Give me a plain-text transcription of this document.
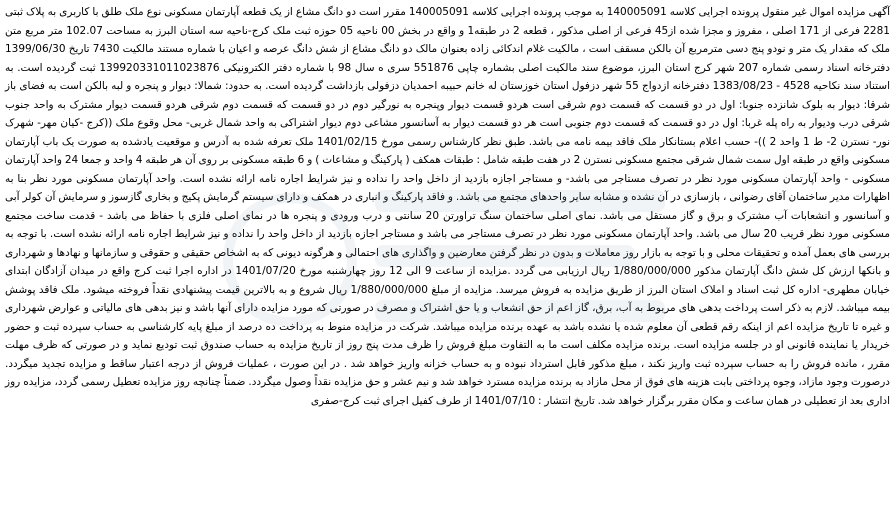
آگهی مزایده اموال غیر منقول پرونده اجرایی کلاسه 140005091 به موجب پرونده اجرایی کلاسه 140005091 مقرر است دو دانگ مشاع از یک قطعه آپارتمان مسکونی نوع ملک طلق با کاربری به پلاک ثبتی 2281 فرعی از 171 اصلی ، مفروز و مجزا شده از45 فرعی از اصلی مذکور ، قطعه 2 در طبقه1 و واقع در بخش 00 ناحیه 05 حوزه ثبت ملک کرج-ناحیه سه استان البرز به مساحت 102.07 متر مربع متن ملک که مقدار یک متر و نودو پنج دسی مترمربع آن بالکن مسقف است ، مالکیت غلام اندکائی زاده بعنوان مالک دو دانگ مشاع از شش دانگ عرصه و اعیان با شماره مستند مالکیت 7430 تاریخ 1399/06/30 دفترخانه اسناد رسمی شماره 207 شهر کرج استان البرز، موضوع سند مالکیت اصلی بشماره چاپی 551876 سری ه سال 98 با شماره دفتر الکترونیکی 139920331011023876 ثبت گردیده است. به استناد سند نکاحیه 4528 - 1383/08/23 دفترخانه ازدواج 55 شهر دزفول استان خوزستان له خانم حبیبه احمدیان دزفولی بازداشت گردیده است. به حدود: شمالا: دیوار و پنجره و لبه بالکن است به فضای باز شرقا: دیوار به بلوک شانزده جنوبا: اول در دو قسمت که قسمت دوم شرقی است هردو قسمت دیوار وپنجره به نورگیر دوم در دو قسمت که قسمت دوم شرقی هردو قسمت دیوار مشترک به واحد جنوب شرقی درب ودیوار به راه پله غربا: اول در دو قسمت که قسمت دوم جنوبی است هر دو قسمت دیوار به آسانسور مشاعی دوم دیوار اشتراکی به واحد شمال غربی- محل وقوع ملک ((کرج -کیان مهر- شهرک نور- نسترن 2- ط 1 واحد 2 ))- حسب اعلام بستانکار ملک فاقد بیمه نامه می باشد. طبق نظر کارشناس رسمی مورخ 1401/02/15 ملک تعرفه شده به آدرس و موقعیت یادشده به صورت یک باب آپارتمان مسکونی واقع در طبقه اول سمت شمال شرقی مجتمع مسکونی نسترن 2 در هفت طبقه شامل : طبقات همکف ( پارکینگ و مشاعات ) و 6 طبقه مسکونی بر روی آن هر طبقه 4 واحد و جمعا 24 واحد آپارتمان مسکونی - واحد آپارتمان مسکونی مورد نظر در تصرف مستاجر می باشد- و مستاجر اجازه بازدید از داخل واحد را نداده و نیز شرایط اجاره نامه ارائه نشده است. واحد آپارتمان مسکونی مورد نظر بنا به اظهارات مدیر ساختمان آقای رضوانی ، بازسازی در آن نشده و مشابه سایر واحدهای مجتمع می باشد. و فاقد پارکینگ و انباری در همکف و دارای سیستم گرمایش پکیج و بخاری گازسوز و سرمایش آن کولر آبی و آسانسور و انشعابات آب مشترک و برق و گاز مستقل می باشد. نمای اصلی ساختمان سنگ تراورتن 20 سانتی و درب ورودی و پنجره ها در نمای اصلی فلزی با حفاظ می باشد - قدمت ساخت مجتمع مسکونی مورد نظر قریب 20 سال می باشد. واحد آپارتمان مسکونی مورد نظر در تصرف مستاجر می باشد و مستاجر اجازه بازدید از داخل واحد را نداده و نیز شرایط اجاره نامه ارائه نشده است. با توجه به بررسی های بعمل آمده و تحقیقات محلی و با توجه به بازار روز معاملات و بدون در نظر گرفتن معارضین و واگذاری های احتمالی و هرگونه دیونی که به اشخاص حقیقی و حقوقی و سازمانها و نهادها و شهرداری و بانکها ارزش کل شش دانگ آپارتمان مذکور 1/880/000/000 ریال ارزیابی می گردد .مزایده از ساعت 9 الی 12 روز چهارشنبه مورخ 1401/07/20 در اداره اجرا ثبت کرج واقع در میدان آزادگان ابتدای خیابان مطهری- اداره کل ثبت اسناد و املاک استان البرز از طریق مزایده به فروش میرسد. مزایده از مبلغ 1/880/000/000 ریال شروع و به بالاترین قیمت پیشنهادی نقداً فروخته میشود. ملک فاقد پوشش بیمه میباشد. لازم به ذکر است پرداخت بدهی های مربوط به آب، برق، گاز اعم از حق انشعاب و یا حق اشتراک و مصرف در صورتی که مورد مزایده دارای آنها باشد و نیز بدهی های مالیاتی و عوارض شهرداری و غیره تا تاریخ مزایده اعم از اینکه رقم قطعی آن معلوم شده یا نشده باشد به عهده برنده مزایده میباشد. شرکت در مزایده منوط به پرداخت ده درصد از مبلغ پایه کارشناسی به حساب سپرده ثبت و حضور خریدار یا نماینده قانونی او در جلسه مزایده است. برنده مزایده مکلف است ما به التفاوت مبلغ فروش را ظرف مدت پنج روز از تاریخ مزایده به حساب صندوق ثبت تودیع نماید و در صورتی که ظرف مهلت مقرر ، مانده فروش را به حساب سپرده ثبت واریز نکند ، مبلغ مذکور قابل استرداد نبوده و به حساب خزانه واریز خواهد شد . در این صورت ، عملیات فروش از درجه اعتبار ساقط و مزایده تجدید میگردد. درصورت وجود مازاد، وجوه پرداختی بابت هزینه های فوق از محل مازاد به برنده مزایده مسترد خواهد شد و نیم عشر و حق مزایده نقداً وصول میگردد. ضمناً چنانچه روز مزایده تعطیل رسمی گردد، مزایده روز اداری بعد از تعطیلی در همان ساعت و مکان مقرر برگزار خواهد شد. تاریخ انتشار : 1401/07/10 از طرف کفیل اجرای ثبت کرج-صفری
